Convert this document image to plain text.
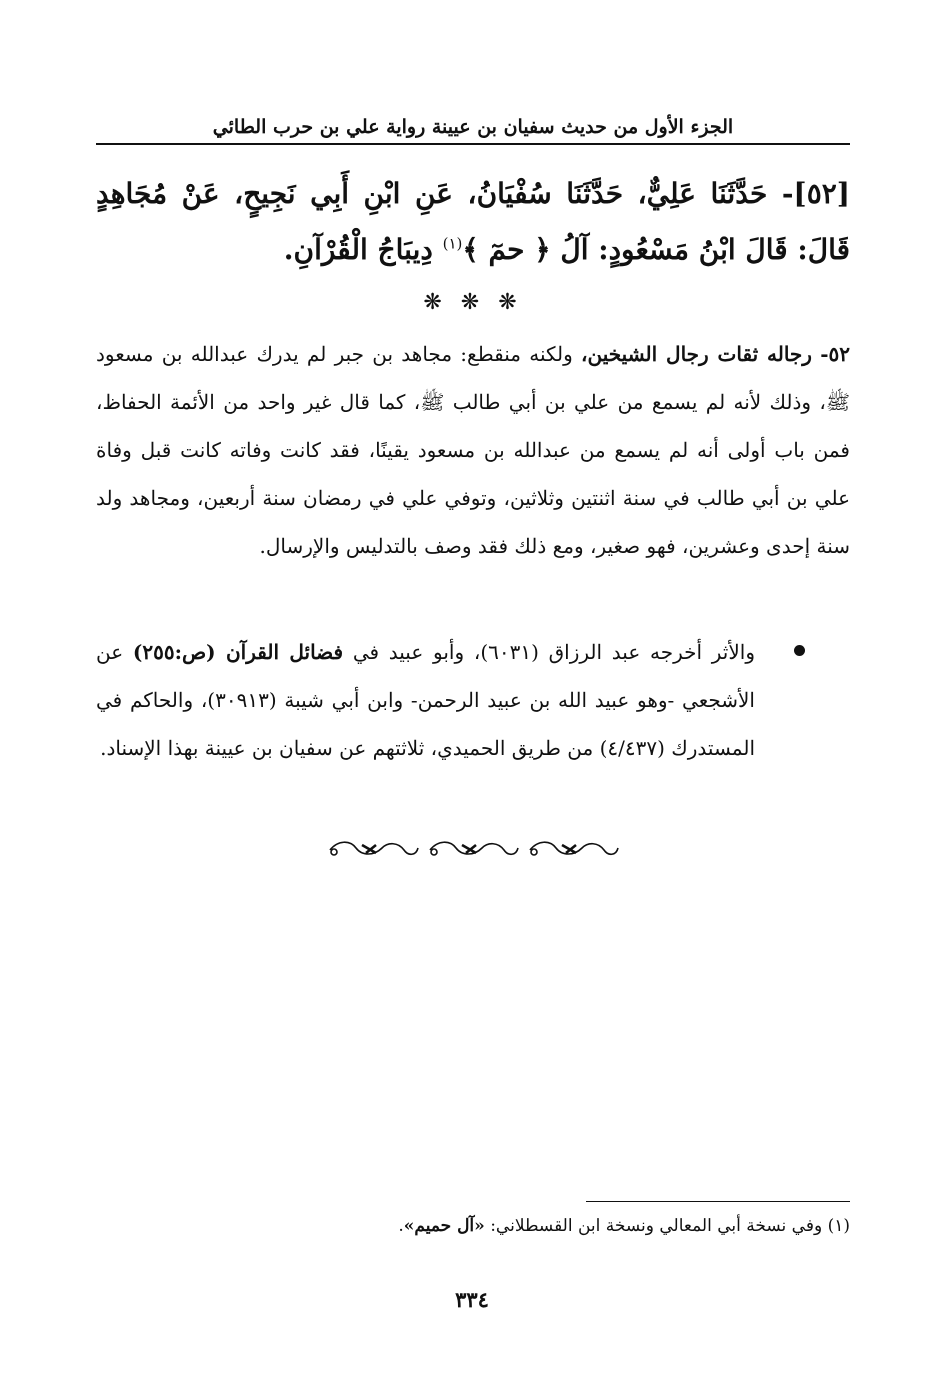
الجزء الأول من حديث سفيان بن عيينة رواية علي بن حرب الطائي

[٥٢]- حَدَّثَنَا عَلِيٌّ، حَدَّثَنَا سُفْيَانُ، عَنِ ابْنِ أَبِي نَجِيحٍ، عَنْ مُجَاهِدٍ قَالَ: قَالَ ابْنُ مَسْعُودٍ: آلُ ﴿ حمٓ ﴾$^{(١)}$ دِيبَاجُ الْقُرْآنِ.

❋ ❋ ❋

٥٢- رجاله ثقات رجال الشيخين، ولكنه منقطع: مجاهد بن جبر لم يدرك عبدالله بن مسعود ﷺ، وذلك لأنه لم يسمع من علي بن أبي طالب ﷺ، كما قال غير واحد من الأئمة الحفاظ، فمن باب أولى أنه لم يسمع من عبدالله بن مسعود يقينًا، فقد كانت وفاته كانت قبل وفاة علي بن أبي طالب في سنة اثنتين وثلاثين، وتوفي علي في رمضان سنة أربعين، ومجاهد ولد سنة إحدى وعشرين، فهو صغير، ومع ذلك فقد وصف بالتدليس والإرسال.

والأثر أخرجه عبد الرزاق (٦٠٣١)، وأبو عبيد في فضائل القرآن (ص:٢٥٥) عن الأشجعي -وهو عبيد الله بن عبيد الرحمن- وابن أبي شيبة (٣٠٩١٣)، والحاكم في المستدرك (٤/٤٣٧) من طريق الحميدي، ثلاثتهم عن سفيان بن عيينة بهذا الإسناد.

(١) وفي نسخة أبي المعالي ونسخة ابن القسطلاني: «آل حميم».

٣٣٤
